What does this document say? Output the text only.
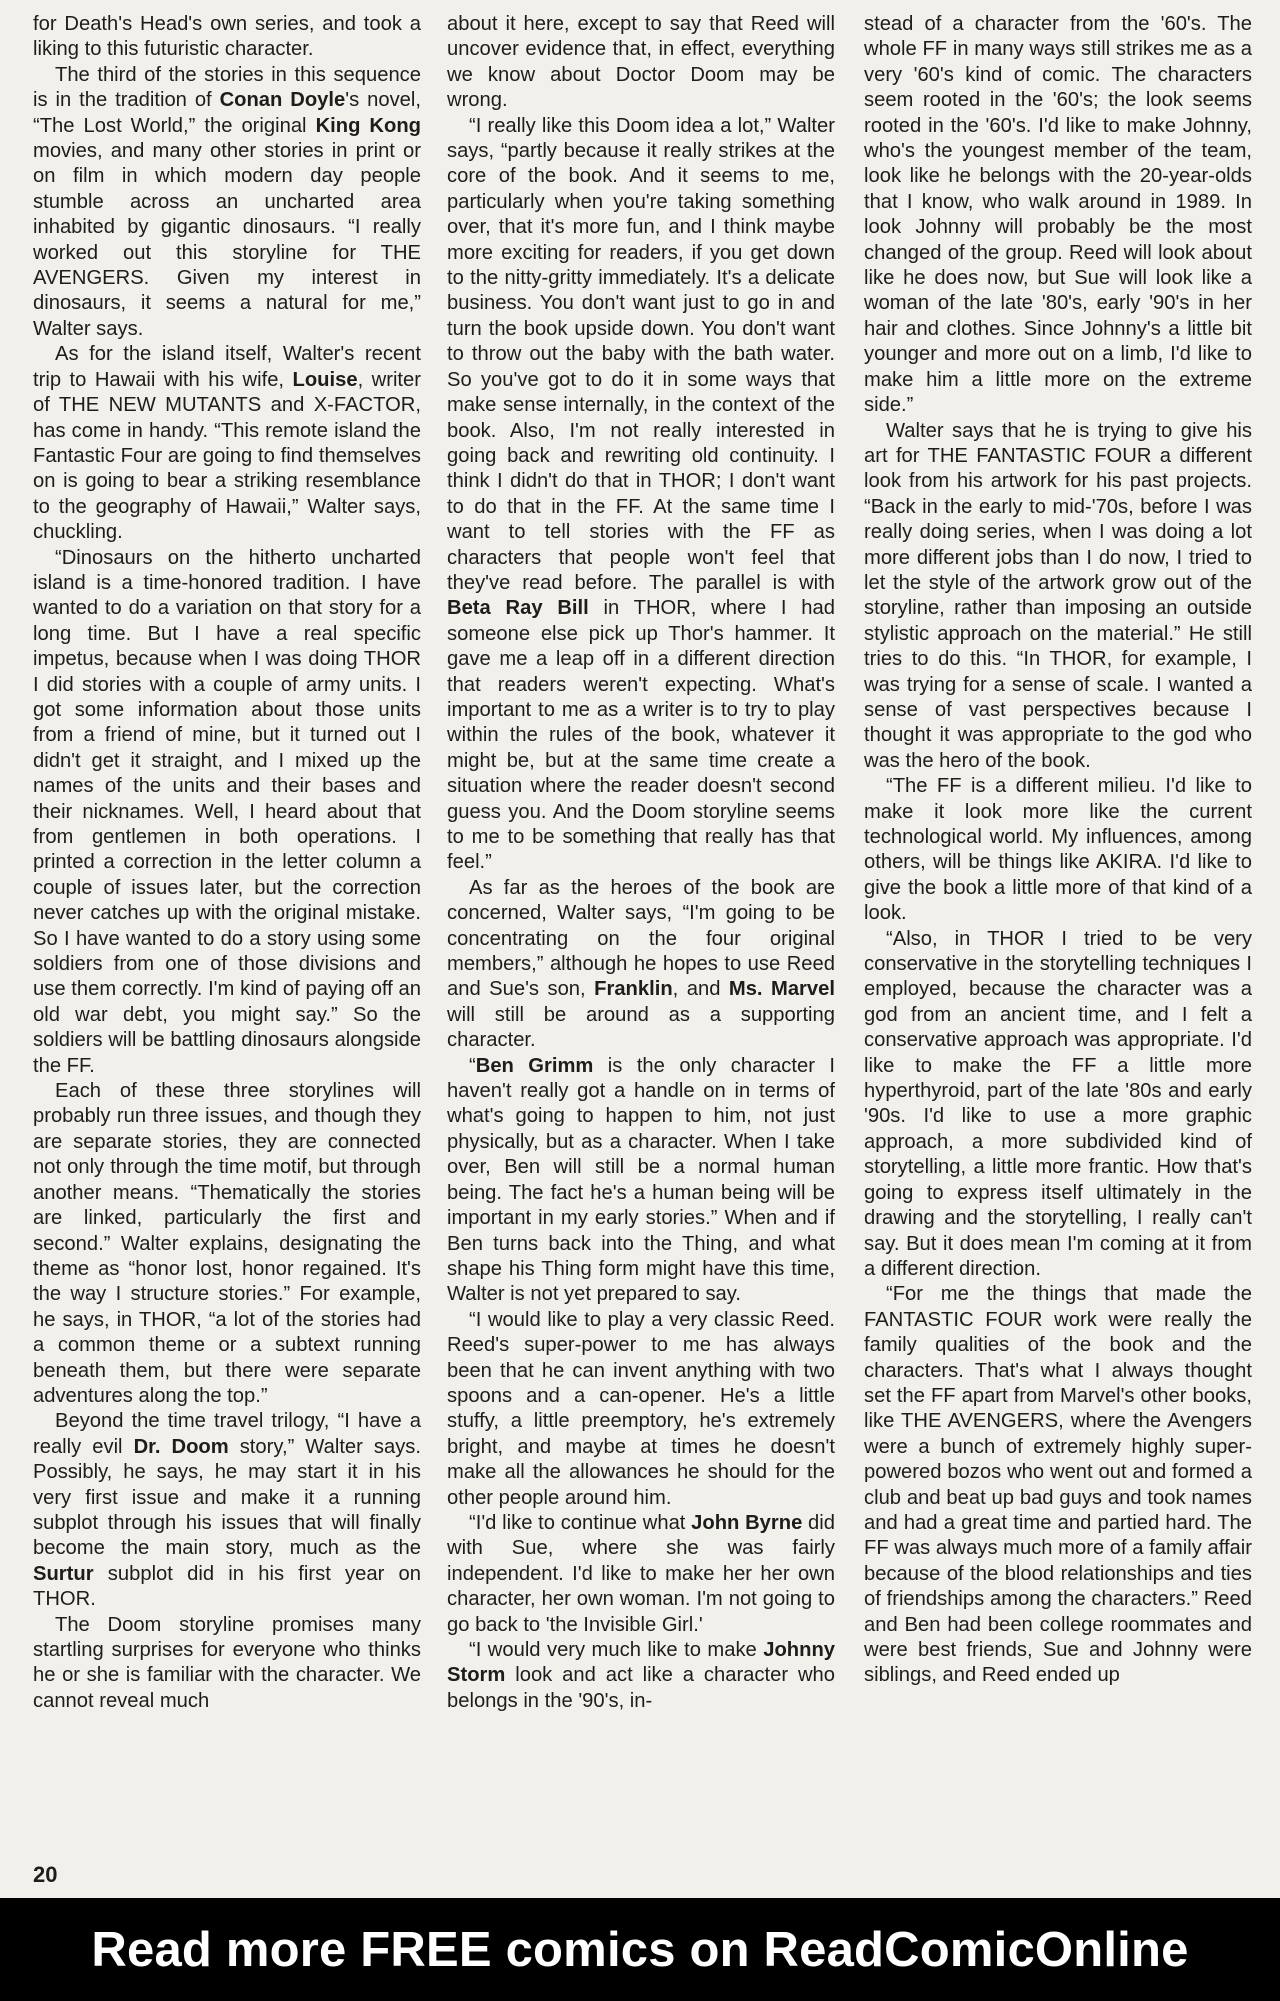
for Death's Head's own series, and took a liking to this futuristic character.

The third of the stories in this sequence is in the tradition of Conan Doyle's novel, “The Lost World,” the original King Kong movies, and many other stories in print or on film in which modern day people stumble across an uncharted area inhabited by gigantic dinosaurs. “I really worked out this storyline for THE AVENGERS. Given my interest in dinosaurs, it seems a natural for me,” Walter says.

As for the island itself, Walter's recent trip to Hawaii with his wife, Louise, writer of THE NEW MUTANTS and X-FACTOR, has come in handy. “This remote island the Fantastic Four are going to find themselves on is going to bear a striking resemblance to the geography of Hawaii,” Walter says, chuckling.

“Dinosaurs on the hitherto uncharted island is a time-honored tradition. I have wanted to do a variation on that story for a long time. But I have a real specific impetus, because when I was doing THOR I did stories with a couple of army units. I got some information about those units from a friend of mine, but it turned out I didn't get it straight, and I mixed up the names of the units and their bases and their nicknames. Well, I heard about that from gentlemen in both operations. I printed a correction in the letter column a couple of issues later, but the correction never catches up with the original mistake. So I have wanted to do a story using some soldiers from one of those divisions and use them correctly. I'm kind of paying off an old war debt, you might say.” So the soldiers will be battling dinosaurs alongside the FF.

Each of these three storylines will probably run three issues, and though they are separate stories, they are connected not only through the time motif, but through another means. “Thematically the stories are linked, particularly the first and second.” Walter explains, designating the theme as “honor lost, honor regained. It's the way I structure stories.” For example, he says, in THOR, “a lot of the stories had a common theme or a subtext running beneath them, but there were separate adventures along the top.”

Beyond the time travel trilogy, “I have a really evil Dr. Doom story,” Walter says. Possibly, he says, he may start it in his very first issue and make it a running subplot through his issues that will finally become the main story, much as the Surtur subplot did in his first year on THOR.

The Doom storyline promises many startling surprises for everyone who thinks he or she is familiar with the character. We cannot reveal much

about it here, except to say that Reed will uncover evidence that, in effect, everything we know about Doctor Doom may be wrong.

“I really like this Doom idea a lot,” Walter says, “partly because it really strikes at the core of the book. And it seems to me, particularly when you're taking something over, that it's more fun, and I think maybe more exciting for readers, if you get down to the nitty-gritty immediately. It's a delicate business. You don't want just to go in and turn the book upside down. You don't want to throw out the baby with the bath water. So you've got to do it in some ways that make sense internally, in the context of the book. Also, I'm not really interested in going back and rewriting old continuity. I think I didn't do that in THOR; I don't want to do that in the FF. At the same time I want to tell stories with the FF as characters that people won't feel that they've read before. The parallel is with Beta Ray Bill in THOR, where I had someone else pick up Thor's hammer. It gave me a leap off in a different direction that readers weren't expecting. What's important to me as a writer is to try to play within the rules of the book, whatever it might be, but at the same time create a situation where the reader doesn't second guess you. And the Doom storyline seems to me to be something that really has that feel.”

As far as the heroes of the book are concerned, Walter says, “I'm going to be concentrating on the four original members,” although he hopes to use Reed and Sue's son, Franklin, and Ms. Marvel will still be around as a supporting character.

“Ben Grimm is the only character I haven't really got a handle on in terms of what's going to happen to him, not just physically, but as a character. When I take over, Ben will still be a normal human being. The fact he's a human being will be important in my early stories.” When and if Ben turns back into the Thing, and what shape his Thing form might have this time, Walter is not yet prepared to say.

“I would like to play a very classic Reed. Reed's super-power to me has always been that he can invent anything with two spoons and a can-opener. He's a little stuffy, a little preemptory, he's extremely bright, and maybe at times he doesn't make all the allowances he should for the other people around him.

“I'd like to continue what John Byrne did with Sue, where she was fairly independent. I'd like to make her her own character, her own woman. I'm not going to go back to 'the Invisible Girl.'

“I would very much like to make Johnny Storm look and act like a character who belongs in the '90's, in-

stead of a character from the '60's. The whole FF in many ways still strikes me as a very '60's kind of comic. The characters seem rooted in the '60's; the look seems rooted in the '60's. I'd like to make Johnny, who's the youngest member of the team, look like he belongs with the 20-year-olds that I know, who walk around in 1989. In look Johnny will probably be the most changed of the group. Reed will look about like he does now, but Sue will look like a woman of the late '80's, early '90's in her hair and clothes. Since Johnny's a little bit younger and more out on a limb, I'd like to make him a little more on the extreme side.”

Walter says that he is trying to give his art for THE FANTASTIC FOUR a different look from his artwork for his past projects. “Back in the early to mid-'70s, before I was really doing series, when I was doing a lot more different jobs than I do now, I tried to let the style of the artwork grow out of the storyline, rather than imposing an outside stylistic approach on the material.” He still tries to do this. “In THOR, for example, I was trying for a sense of scale. I wanted a sense of vast perspectives because I thought it was appropriate to the god who was the hero of the book.

“The FF is a different milieu. I'd like to make it look more like the current technological world. My influences, among others, will be things like AKIRA. I'd like to give the book a little more of that kind of a look.

“Also, in THOR I tried to be very conservative in the storytelling techniques I employed, because the character was a god from an ancient time, and I felt a conservative approach was appropriate. I'd like to make the FF a little more hyperthyroid, part of the late '80s and early '90s. I'd like to use a more graphic approach, a more subdivided kind of storytelling, a little more frantic. How that's going to express itself ultimately in the drawing and the storytelling, I really can't say. But it does mean I'm coming at it from a different direction.

“For me the things that made the FANTASTIC FOUR work were really the family qualities of the book and the characters. That's what I always thought set the FF apart from Marvel's other books, like THE AVENGERS, where the Avengers were a bunch of extremely highly super-powered bozos who went out and formed a club and beat up bad guys and took names and had a great time and partied hard. The FF was always much more of a family affair because of the blood relationships and ties of friendships among the characters.” Reed and Ben had been college roommates and were best friends, Sue and Johnny were siblings, and Reed ended up

20
Read more FREE comics on ReadComicOnline
